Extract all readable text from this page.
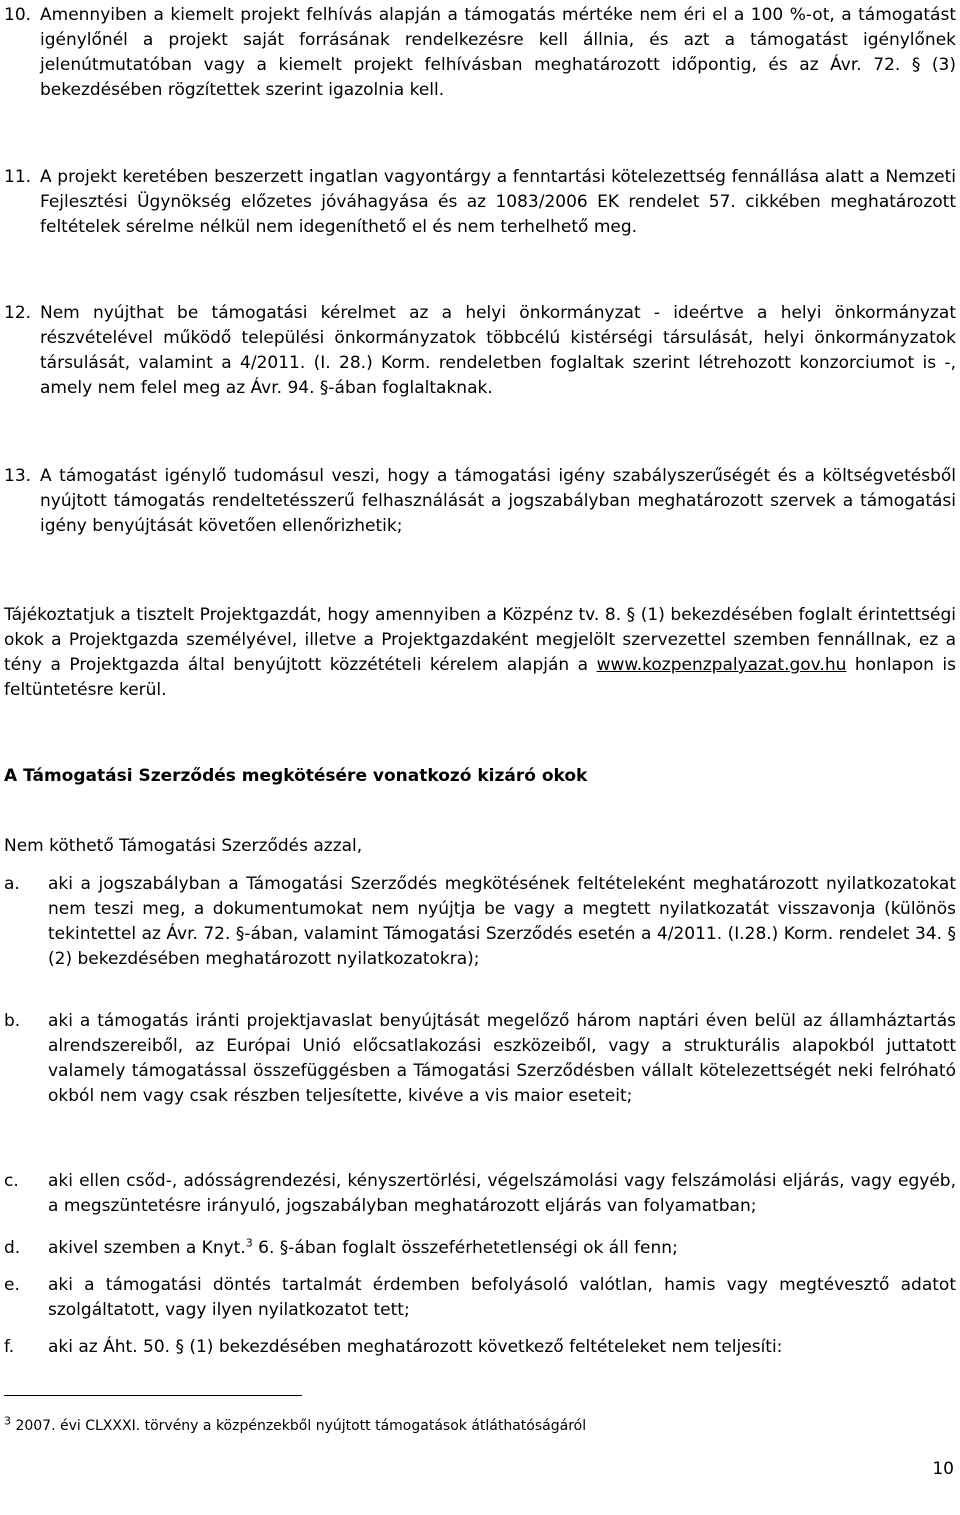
10. Amennyiben a kiemelt projekt felhívás alapján a támogatás mértéke nem éri el a 100 %-ot, a támogatást igénylőnél a projekt saját forrásának rendelkezésre kell állnia, és azt a támogatást igénylőnek jelenútmutatóban vagy a kiemelt projekt felhívásban meghatározott időpontig, és az Ávr. 72. § (3) bekezdésében rögzítettek szerint igazolnia kell.
11. A projekt keretében beszerzett ingatlan vagyontárgy a fenntartási kötelezettség fennállása alatt a Nemzeti Fejlesztési Ügynökség előzetes jóváhagyása és az 1083/2006 EK rendelet 57. cikkében meghatározott feltételek sérelme nélkül nem idegeníthető el és nem terhelhető meg.
12. Nem nyújthat be támogatási kérelmet az a helyi önkormányzat - ideértve a helyi önkormányzat részvételével működő települési önkormányzatok többcélú kistérségi társulását, helyi önkormányzatok társulását, valamint a 4/2011. (I. 28.) Korm. rendeletben foglaltak szerint létrehozott konzorciumot is -, amely nem felel meg az Ávr. 94. §-ában foglaltaknak.
13. A támogatást igénylő tudomásul veszi, hogy a támogatási igény szabályszerűségét és a költségvetésből nyújtott támogatás rendeltetésszerű felhasználását a jogszabályban meghatározott szervek a támogatási igény benyújtását követően ellenőrizhetik;
Tájékoztatjuk a tisztelt Projektgazdát, hogy amennyiben a Közpénz tv. 8. § (1) bekezdésében foglalt érintettségi okok a Projektgazda személyével, illetve a Projektgazdaként megjelölt szervezettel szemben fennállnak, ez a tény a Projektgazda által benyújtott közzétételi kérelem alapján a www.kozpenzpalyazat.gov.hu honlapon is feltüntetésre kerül.
A Támogatási Szerződés megkötésére vonatkozó kizáró okok
Nem köthető Támogatási Szerződés azzal,
a.	aki a jogszabályban a Támogatási Szerződés megkötésének feltételeként meghatározott nyilatkozatokat nem teszi meg, a dokumentumokat nem nyújtja be vagy a megtett nyilatkozatát visszavonja (különös tekintettel az Ávr. 72. §-ában, valamint Támogatási Szerződés esetén a 4/2011. (I.28.) Korm. rendelet 34. § (2) bekezdésében meghatározott nyilatkozatokra);
b.	aki a támogatás iránti projektjavaslat benyújtását megelőző három naptári éven belül az államháztartás alrendszereiből, az Európai Unió előcsatlakozási eszközeiből, vagy a strukturális alapokból juttatott valamely támogatással összefüggésben a Támogatási Szerződésben vállalt kötelezettségét neki felróható okból nem vagy csak részben teljesítette, kivéve a vis maior eseteit;
c.	aki ellen csőd-, adósságrendezési, kényszertörlési, végelszámolási vagy felszámolási eljárás, vagy egyéb, a megszüntetésre irányuló, jogszabályban meghatározott eljárás van folyamatban;
d.	akivel szemben a Knyt.$^3$ 6. §-ában foglalt összeférhetetlenségi ok áll fenn;
e.	aki a támogatási döntés tartalmát érdemben befolyásoló valótlan, hamis vagy megtévesztő adatot szolgáltatott, vagy ilyen nyilatkozatot tett;
f.	aki az Áht. 50. § (1) bekezdésében meghatározott következő feltételeket nem teljesíti:
$^3$ 2007. évi CLXXXI. törvény a közpénzekből nyújtott támogatások átláthatóságáról
10
